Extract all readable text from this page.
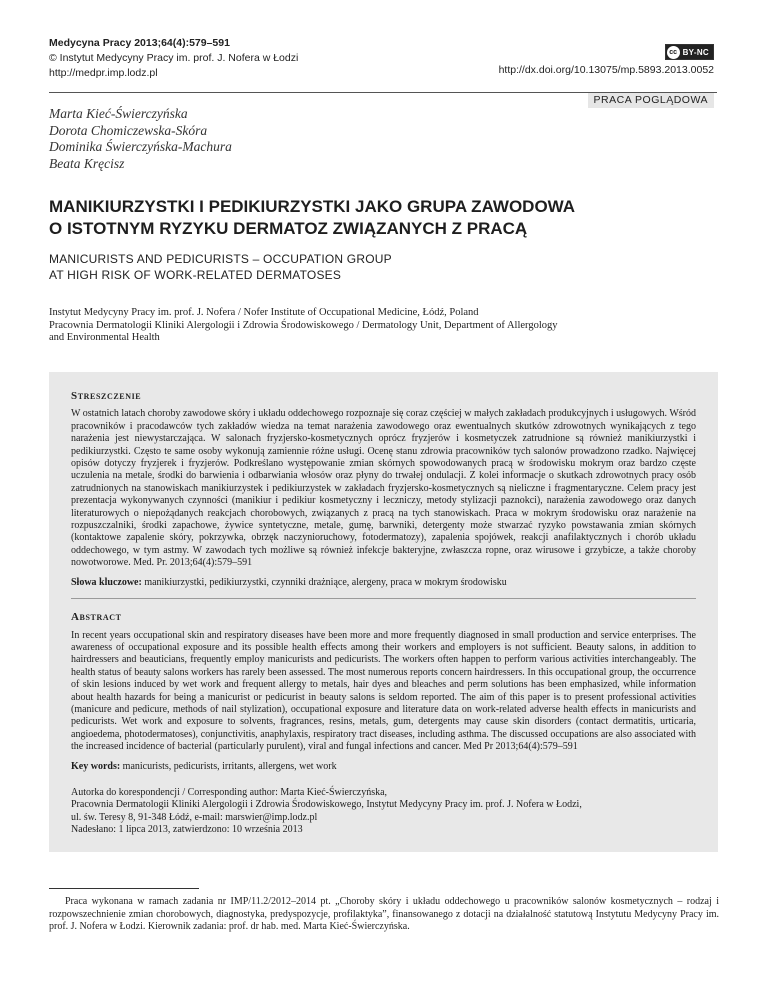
Medycyna Pracy 2013;64(4):579–591
© Instytut Medycyny Pracy im. prof. J. Nofera w Łodzi
http://medpr.imp.lodz.pl
cc BY-NC
http://dx.doi.org/10.13075/mp.5893.2013.0052
PRACA POGLĄDOWA
Marta Kieć-Świerczyńska
Dorota Chomiczewska-Skóra
Dominika Świerczyńska-Machura
Beata Kręcisz
MANIKIURZYSTKI I PEDIKIURZYSTKI JAKO GRUPA ZAWODOWA
O ISTOTNYM RYZYKU DERMATOZ ZWIĄZANYCH Z PRACĄ
MANICURISTS AND PEDICURISTS – OCCUPATION GROUP
AT HIGH RISK OF WORK-RELATED DERMATOSES
Instytut Medycyny Pracy im. prof. J. Nofera / Nofer Institute of Occupational Medicine, Łódź, Poland
Pracownia Dermatologii Kliniki Alergologii i Zdrowia Środowiskowego / Dermatology Unit, Department of Allergology
and Environmental Health
Streszczenie

W ostatnich latach choroby zawodowe skóry i układu oddechowego rozpoznaje się coraz częściej w małych zakładach produkcyjnych i usługowych. Wśród pracowników i pracodawców tych zakładów wiedza na temat narażenia zawodowego oraz ewentualnych skutków zdrowotnych wynikających z tego narażenia jest niewystarczająca. W salonach fryzjersko-kosmetycznych oprócz fryzjerów i kosmetyczek zatrudnione są również manikiurzystki i pedikiurzystki. Często te same osoby wykonują zamiennie różne usługi. Ocenę stanu zdrowia pracowników tych salonów prowadzono rzadko. Najwięcej opisów dotyczy fryzjerek i fryzjerów. Podkreślano występowanie zmian skórnych spowodowanych pracą w środowisku mokrym oraz bardzo częste uczulenia na metale, środki do barwienia i odbarwiania włosów oraz płyny do trwałej ondulacji. Z kolei informacje o skutkach zdrowotnych pracy osób zatrudnionych na stanowiskach manikiurzystek i pedikiurzystek w zakładach fryzjersko-kosmetycznych są nieliczne i fragmentaryczne. Celem pracy jest prezentacja wykonywanych czynności (manikiur i pedikiur kosmetyczny i leczniczy, metody stylizacji paznokci), narażenia zawodowego oraz danych literaturowych o niepożądanych reakcjach chorobowych, związanych z pracą na tych stanowiskach. Praca w mokrym środowisku oraz narażenie na rozpuszczalniki, środki zapachowe, żywice syntetyczne, metale, gumę, barwniki, detergenty może stwarzać ryzyko powstawania zmian skórnych (kontaktowe zapalenie skóry, pokrzywka, obrzęk naczynioruchowy, fotodermatozy), zapalenia spojówek, reakcji anafilaktycznych i chorób układu oddechowego, w tym astmy. W zawodach tych możliwe są również infekcje bakteryjne, zwłaszcza ropne, oraz wirusowe i grzybicze, a także choroby nowotworowe. Med. Pr. 2013;64(4):579–591

Słowa kluczowe: manikiurzystki, pedikiurzystki, czynniki drażniące, alergeny, praca w mokrym środowisku
Abstract

In recent years occupational skin and respiratory diseases have been more and more frequently diagnosed in small production and service enterprises. The awareness of occupational exposure and its possible health effects among their workers and employers is not sufficient. Beauty salons, in addition to hairdressers and beauticians, frequently employ manicurists and pedicurists. The workers often happen to perform various activities interchangeably. The health status of beauty salons workers has rarely been assessed. The most numerous reports concern hairdressers. In this occupational group, the occurrence of skin lesions induced by wet work and frequent allergy to metals, hair dyes and bleaches and perm solutions has been emphasized, while information about health hazards for being a manicurist or pedicurist in beauty salons is seldom reported. The aim of this paper is to present professional activities (manicure and pedicure, methods of nail stylization), occupational exposure and literature data on work-related adverse health effects in manicurists and pedicurists. Wet work and exposure to solvents, fragrances, resins, metals, gum, detergents may cause skin disorders (contact dermatitis, urticaria, angioedema, photodermatoses), conjunctivitis, anaphylaxis, respiratory tract diseases, including asthma. The discussed occupations are also associated with the increased incidence of bacterial (particularly purulent), viral and fungal infections and cancer. Med Pr 2013;64(4):579–591

Key words: manicurists, pedicurists, irritants, allergens, wet work
Autorka do korespondencji / Corresponding author: Marta Kieć-Świerczyńska,
Pracownia Dermatologii Kliniki Alergologii i Zdrowia Środowiskowego, Instytut Medycyny Pracy im. prof. J. Nofera w Łodzi,
ul. św. Teresy 8, 91-348 Łódź, e-mail: marswier@imp.lodz.pl
Nadesłano: 1 lipca 2013, zatwierdzono: 10 września 2013
Praca wykonana w ramach zadania nr IMP/11.2/2012–2014 pt. „Choroby skóry i układu oddechowego u pracowników salonów kosmetycznych – rodzaj i rozpowszechnienie zmian chorobowych, diagnostyka, predyspozycje, profilaktyka”, finansowanego z dotacji na działalność statutową Instytutu Medycyny Pracy im. prof. J. Nofera w Łodzi. Kierownik zadania: prof. dr hab. med. Marta Kieć-Świerczyńska.
